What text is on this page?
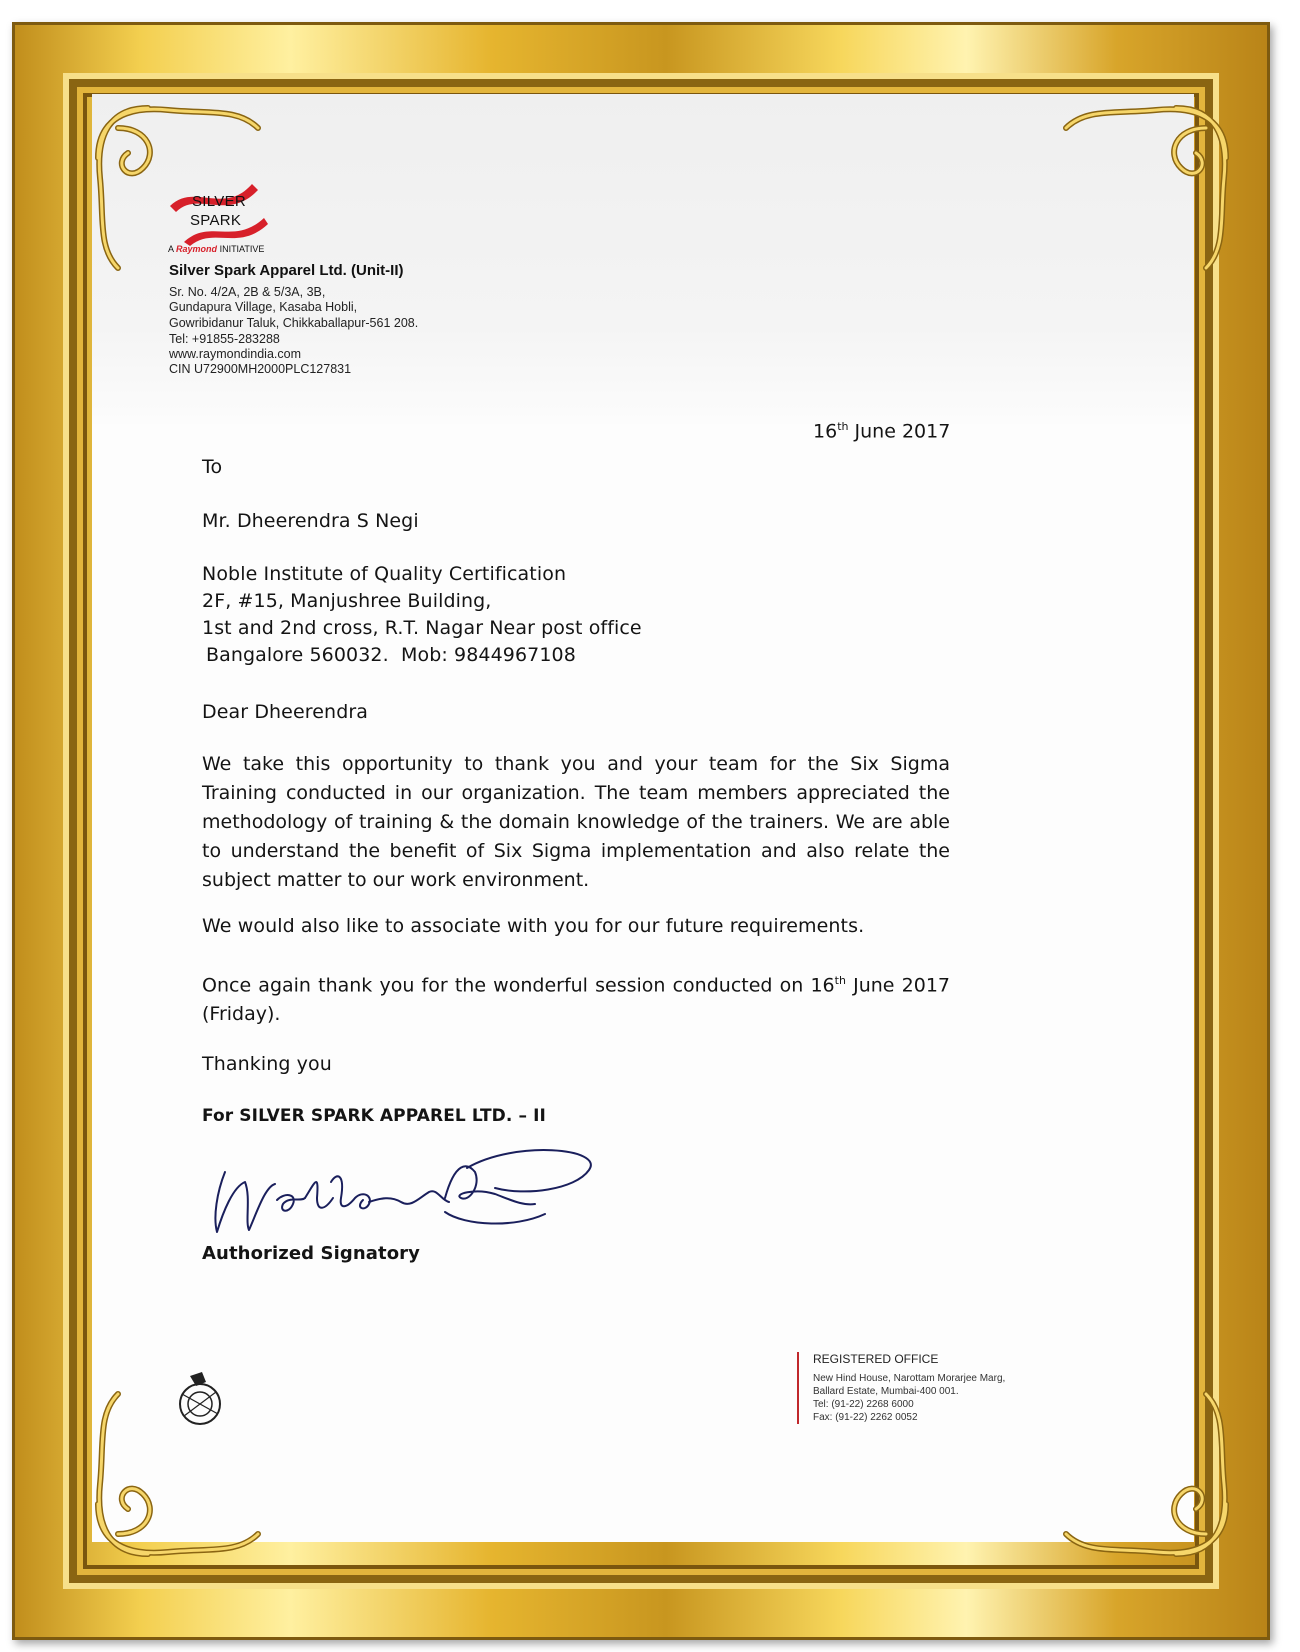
SILVER
SPARK
A Raymond INITIATIVE
Silver Spark Apparel Ltd. (Unit-II)
Sr. No. 4/2A, 2B & 5/3A, 3B,
Gundapura Village, Kasaba Hobli,
Gowribidanur Taluk, Chikkaballapur-561 208.
Tel: +91855-283288
www.raymondindia.com
CIN U72900MH2000PLC127831
16th June 2017
To
Mr. Dheerendra S Negi
Noble Institute of Quality Certification
2F, #15, Manjushree Building,
1st and 2nd cross, R.T. Nagar Near post office
Bangalore 560032.  Mob: 9844967108
Dear Dheerendra
We take this opportunity to thank you and your team for the Six Sigma Training conducted in our organization. The team members appreciated the methodology of training & the domain knowledge of the trainers. We are able to understand the benefit of Six Sigma implementation and also relate the subject matter to our work environment.
We would also like to associate with you for our future requirements.
Once again thank you for the wonderful session conducted on 16th June 2017 (Friday).
Thanking you
For SILVER SPARK APPAREL LTD. – II
Authorized Signatory
REGISTERED OFFICE
New Hind House, Narottam Morarjee Marg,
Ballard Estate, Mumbai-400 001.
Tel: (91-22) 2268 6000
Fax: (91-22) 2262 0052
